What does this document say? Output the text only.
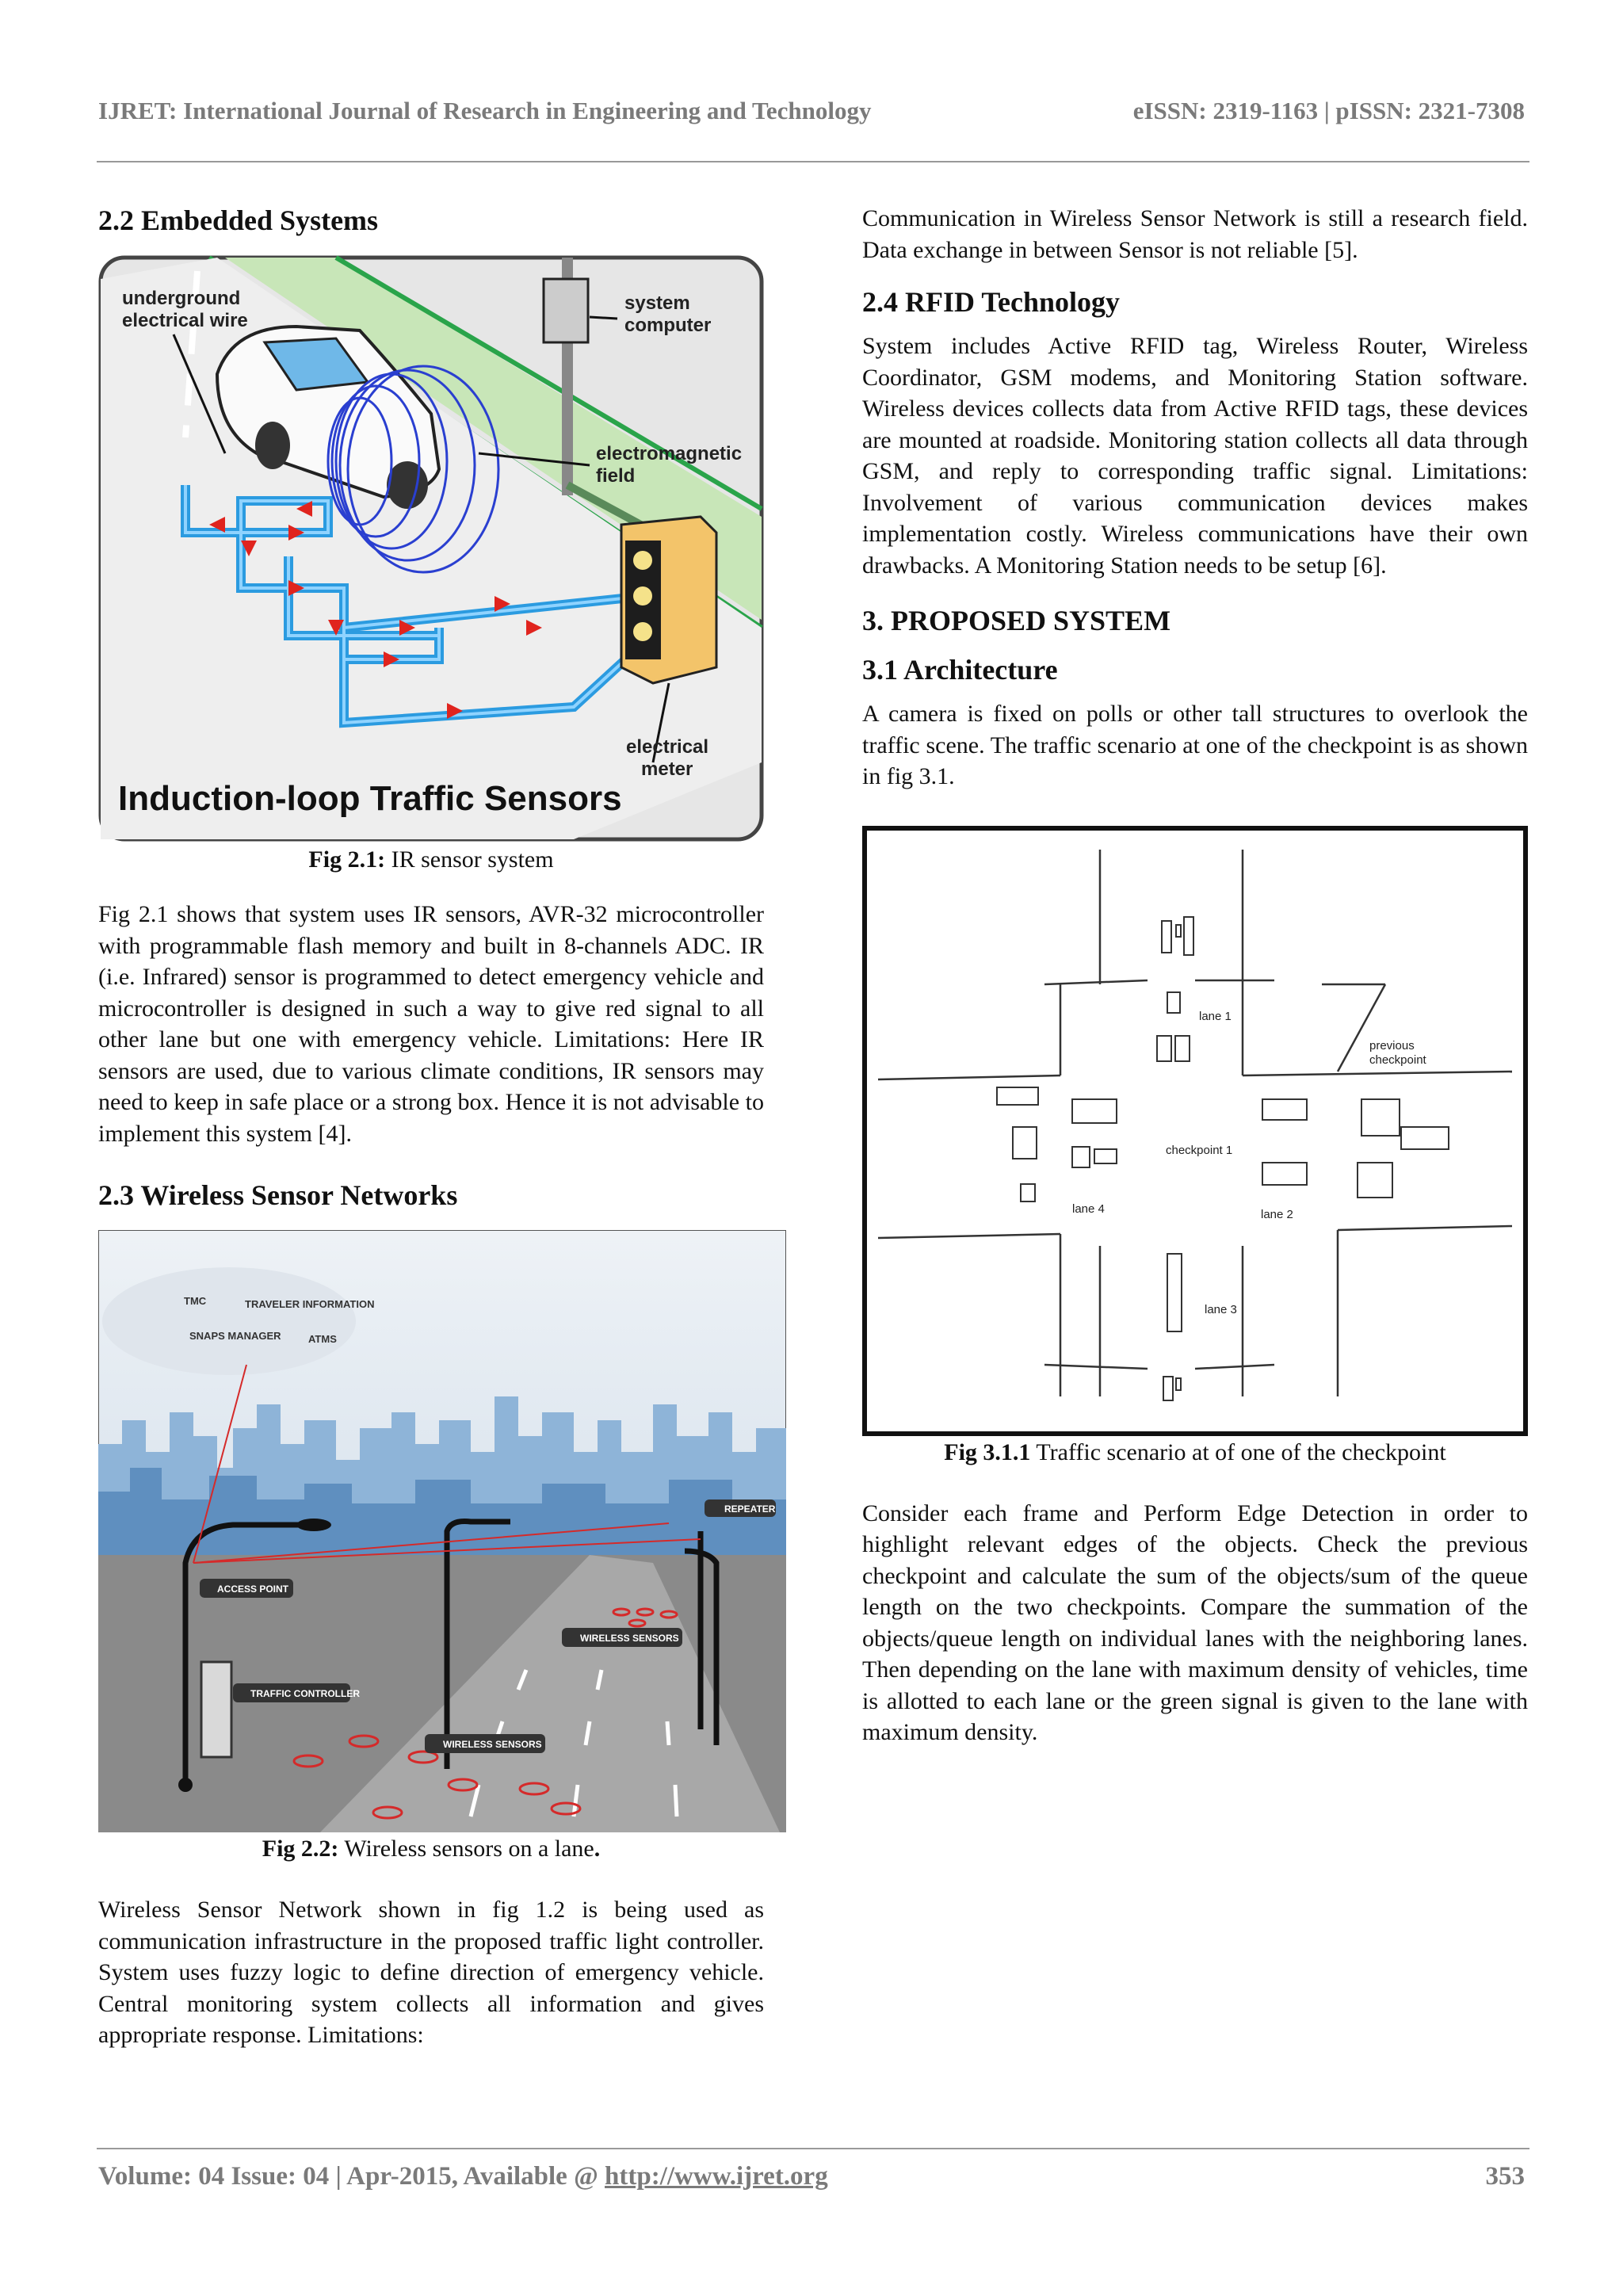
IJRET: International Journal of Research in Engineering and Technology	eISSN: 2319-1163 | pISSN: 2321-7308
2.2 Embedded Systems
underground
electrical wire
system
computer
electromagnetic
field
electrical
meter
Induction-loop Traffic Sensors
Fig 2.1: IR sensor system

Fig 2.1 shows that system uses IR sensors, AVR-32 microcontroller with programmable flash memory and built in 8-channels ADC. IR (i.e. Infrared) sensor is programmed to detect emergency vehicle and microcontroller is designed in such a way to give red signal to all other lane but one with emergency vehicle. Limitations: Here IR sensors are used, due to various climate conditions, IR sensors may need to keep in safe place or a strong box. Hence it is not advisable to implement this system [4].

2.3 Wireless Sensor Networks
TMC	TRAVELER INFORMATION
SNAPS MANAGER	ATMS
REPEATER
ACCESS POINT
WIRELESS SENSORS
TRAFFIC CONTROLLER
WIRELESS SENSORS
Fig 2.2: Wireless sensors on a lane.

Wireless Sensor Network shown in fig 1.2 is being used as communication infrastructure in the proposed traffic light controller. System uses fuzzy logic to define direction of emergency vehicle. Central monitoring system collects all information and gives appropriate response. Limitations:

Communication in Wireless Sensor Network is still a research field. Data exchange in between Sensor is not reliable [5].

2.4 RFID Technology

System includes Active RFID tag, Wireless Router, Wireless Coordinator, GSM modems, and Monitoring Station software. Wireless devices collects data from Active RFID tags, these devices are mounted at roadside. Monitoring station collects all data through GSM, and reply to corresponding traffic signal. Limitations: Involvement of various communication devices makes implementation costly. Wireless communications have their own drawbacks. A Monitoring Station needs to be setup [6].

3. PROPOSED SYSTEM
3.1 Architecture

A camera is fixed on polls or other tall structures to overlook the traffic scene. The traffic scenario at one of the checkpoint is as shown in fig 3.1.

lane 1
previous
checkpoint
checkpoint 1
lane 4	lane 2
lane 3
Fig 3.1.1 Traffic scenario at of one of the checkpoint

Consider each frame and Perform Edge Detection in order to highlight relevant edges of the objects. Check the previous checkpoint and calculate the sum of the objects/sum of the queue length on the two checkpoints. Compare the summation of the objects/queue length on individual lanes with the neighboring lanes. Then depending on the lane with maximum density of vehicles, time is allotted to each lane or the green signal is given to the lane with maximum density.

Volume: 04 Issue: 04 | Apr-2015, Available @ http://www.ijret.org	353
